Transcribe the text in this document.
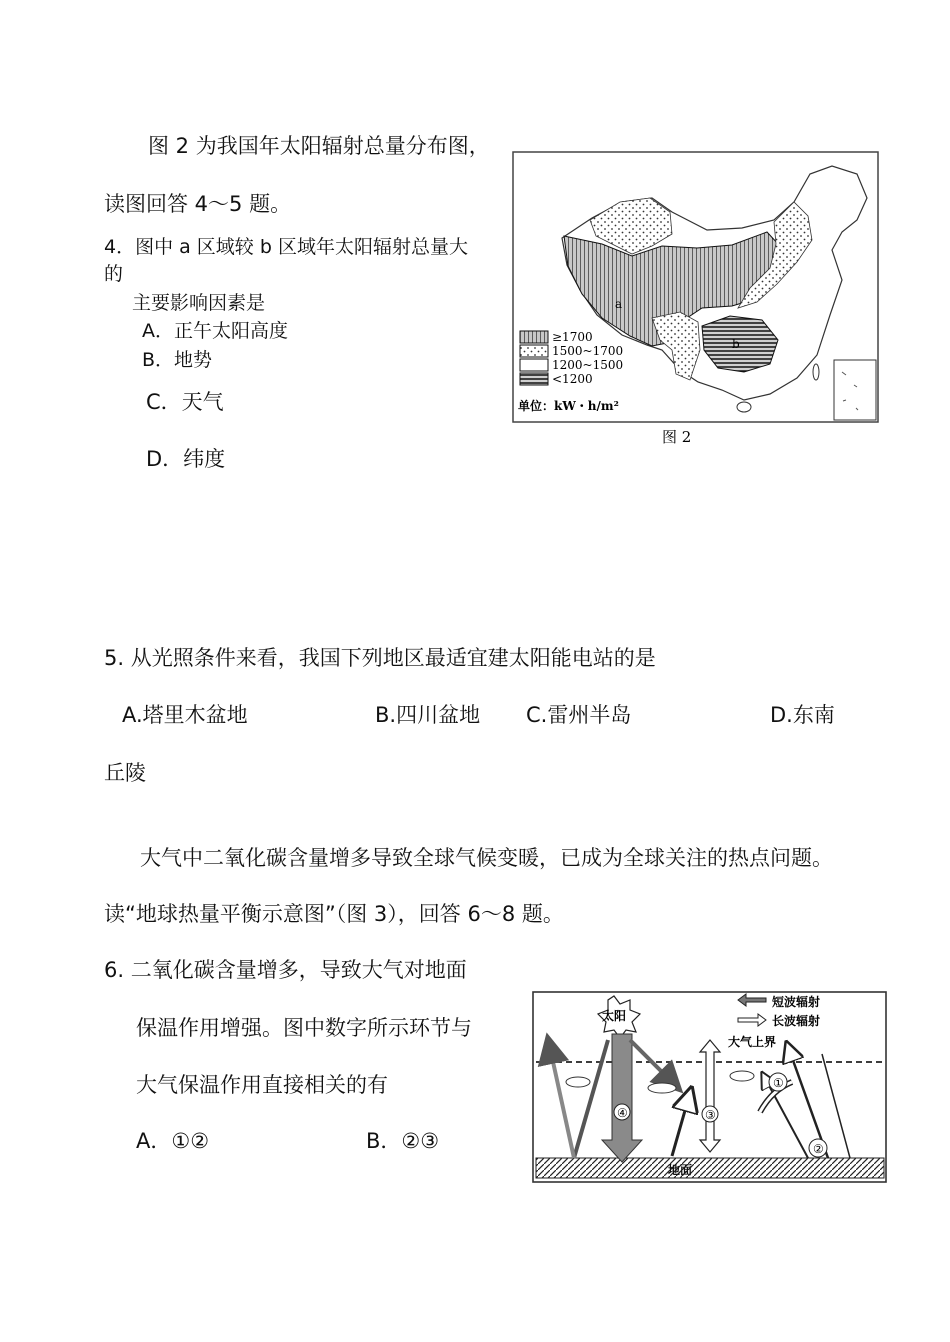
图 2 为我国年太阳辐射总量分布图，
读图回答 4～5 题。
4．图中 a 区域较 b 区域年太阳辐射总量大
的
主要影响因素是
A．正午太阳高度
B．地势
C．天气
D．纬度
a
b
≥1700
1500~1700
1200~1500
<1200
单位：kW・h/m²
图 2
5. 从光照条件来看，我国下列地区最适宜建太阳能电站的是
A.塔里木盆地	B.四川盆地 C.雷州半岛	D.东南
丘陵
大气中二氧化碳含量增多导致全球气候变暖，已成为全球关注的热点问题。
读“地球热量平衡示意图”（图 3），回答 6～8 题。
6. 二氧化碳含量增多，导致大气对地面
保温作用增强。图中数字所示环节与
大气保温作用直接相关的有
A．①②	B．②③
地面
太阳
④	③
大气上界
①
②
短波辐射
长波辐射
